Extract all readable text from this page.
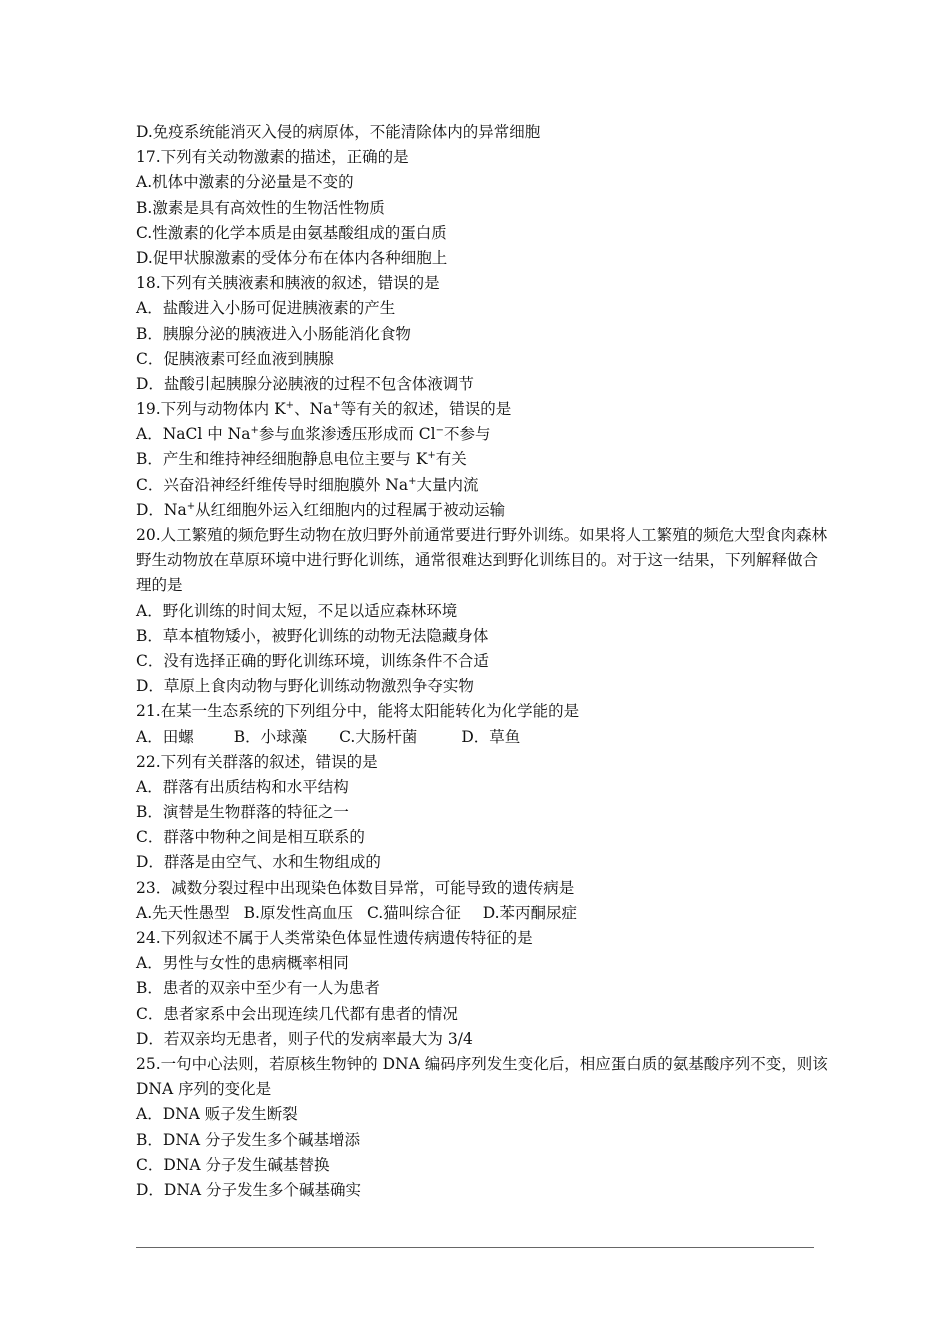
D.免疫系统能消灭入侵的病原体，不能清除体内的异常细胞
17.下列有关动物激素的描述，正确的是
A.机体中激素的分泌量是不变的
B.激素是具有高效性的生物活性物质
C.性激素的化学本质是由氨基酸组成的蛋白质
D.促甲状腺激素的受体分布在体内各种细胞上
18.下列有关胰液素和胰液的叙述，错误的是
A．盐酸进入小肠可促进胰液素的产生
B．胰腺分泌的胰液进入小肠能消化食物
C．促胰液素可经血液到胰腺
D．盐酸引起胰腺分泌胰液的过程不包含体液调节
19.下列与动物体内 K+、Na+等有关的叙述，错误的是
A．NaCl 中 Na+参与血浆渗透压形成而 Cl−不参与
B．产生和维持神经细胞静息电位主要与 K+有关
C．兴奋沿神经纤维传导时细胞膜外 Na+大量内流
D．Na+从红细胞外运入红细胞内的过程属于被动运输
20.人工繁殖的频危野生动物在放归野外前通常要进行野外训练。如果将人工繁殖的频危大型食肉森林野生动物放在草原环境中进行野化训练，通常很难达到野化训练目的。对于这一结果，下列解释做合理的是
A．野化训练的时间太短，不足以适应森林环境
B．草本植物矮小，被野化训练的动物无法隐藏身体
C．没有选择正确的野化训练环境，训练条件不合适
D．草原上食肉动物与野化训练动物激烈争夺实物
21.在某一生态系统的下列组分中，能将太阳能转化为化学能的是
A．田螺	B．小球藻 C.大肠杆菌	D．草鱼
22.下列有关群落的叙述，错误的是
A．群落有出质结构和水平结构
B．演替是生物群落的特征之一
C．群落中物种之间是相互联系的
D．群落是由空气、水和生物组成的
23．减数分裂过程中出现染色体数目异常，可能导致的遗传病是
A.先天性愚型 B.原发性高血压 C.猫叫综合征 D.苯丙酮尿症
24.下列叙述不属于人类常染色体显性遗传病遗传特征的是
A．男性与女性的患病概率相同
B．患者的双亲中至少有一人为患者
C．患者家系中会出现连续几代都有患者的情况
D．若双亲均无患者，则子代的发病率最大为 3/4
25.一句中心法则，若原核生物钟的 DNA 编码序列发生变化后，相应蛋白质的氨基酸序列不变，则该 DNA 序列的变化是
A．DNA 贩子发生断裂
B．DNA 分子发生多个碱基增添
C．DNA 分子发生碱基替换
D．DNA 分子发生多个碱基确实
